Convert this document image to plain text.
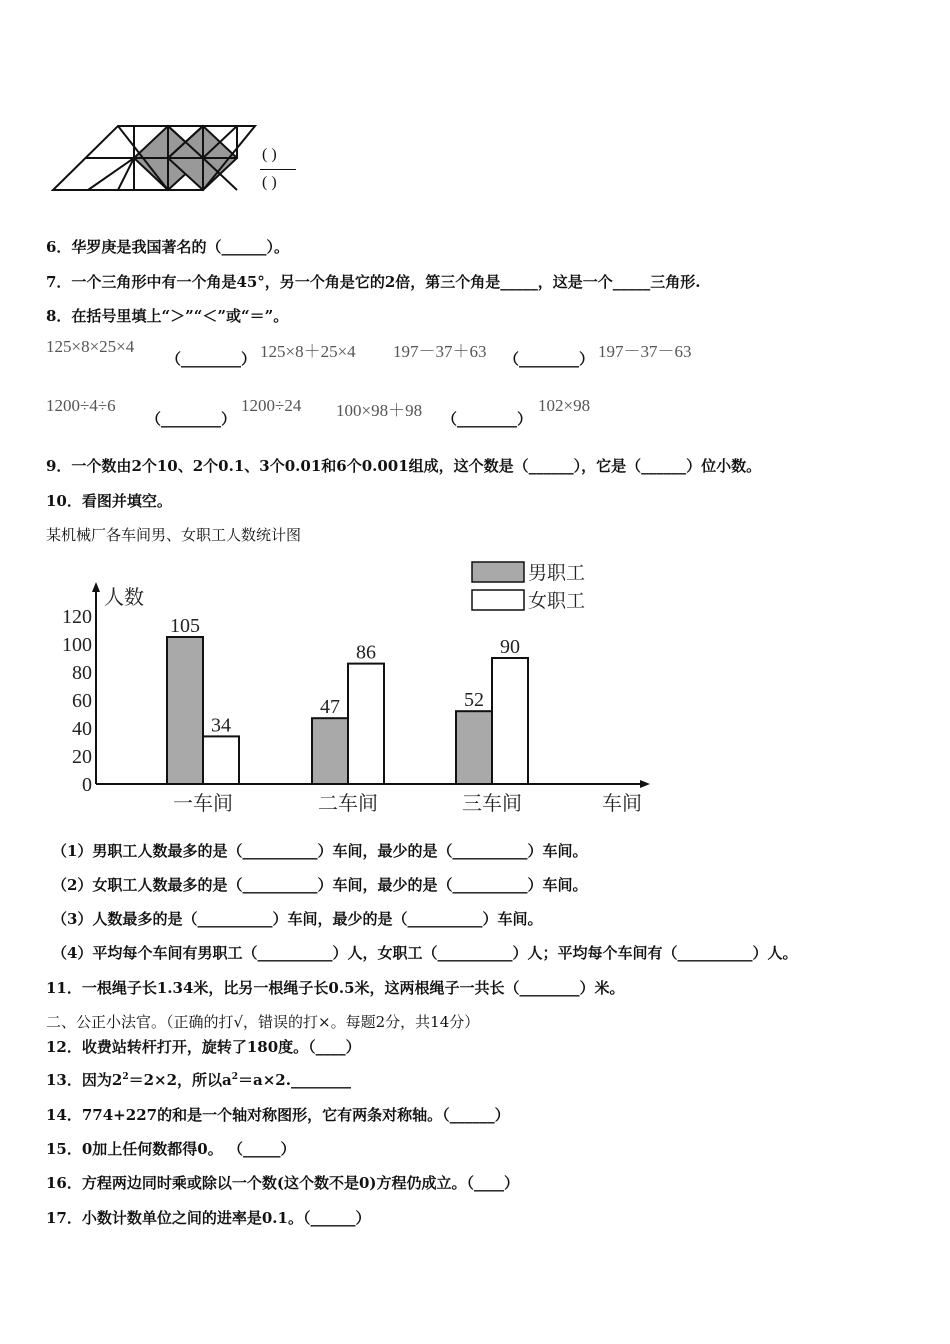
( )
( )
6．华罗庚是我国著名的（______）。
7．一个三角形中有一个角是45°，另一个角是它的2倍，第三个角是_____，这是一个_____三角形.
8．在括号里填上“＞”“＜”或“＝”。
125×8×25×4
（________） 125×8＋25×4 197－37＋63 （________） 197－37－63
1200÷4÷6
（________）
1200÷24 100×98＋98 （________）
102×98
9．一个数由2个10、2个0.1、3个0.01和6个0.001组成，这个数是（______），它是（______）位小数。
10．看图并填空。
某机械厂各车间男、女职工人数统计图
0
20
40
60
80
100
120
人数
车间
105
34
一车间
47
86
二车间
52
90
三车间
男职工
女职工
（1）男职工人数最多的是（__________）车间，最少的是（__________）车间。
（2）女职工人数最多的是（__________）车间，最少的是（__________）车间。
（3）人数最多的是（__________）车间，最少的是（__________）车间。
（4）平均每个车间有男职工（__________）人，女职工（__________）人；平均每个车间有（__________）人。
11．一根绳子长1.34米，比另一根绳子长0.5米，这两根绳子一共长（________）米。
二、公正小法官。（正确的打√，错误的打×。每题2分，共14分）
12．收费站转杆打开，旋转了180度。（____）
13．因为$2^2=2\times 2$，所以$a^2=a\times 2.\_\_\_\_\_\_\_\_$
14．774+227的和是一个轴对称图形，它有两条对称轴。（______）
15．0加上任何数都得0。 （_____）
16．方程两边同时乘或除以一个数(这个数不是0)方程仍成立。（____）
17．小数计数单位之间的进率是0.1。（______）
